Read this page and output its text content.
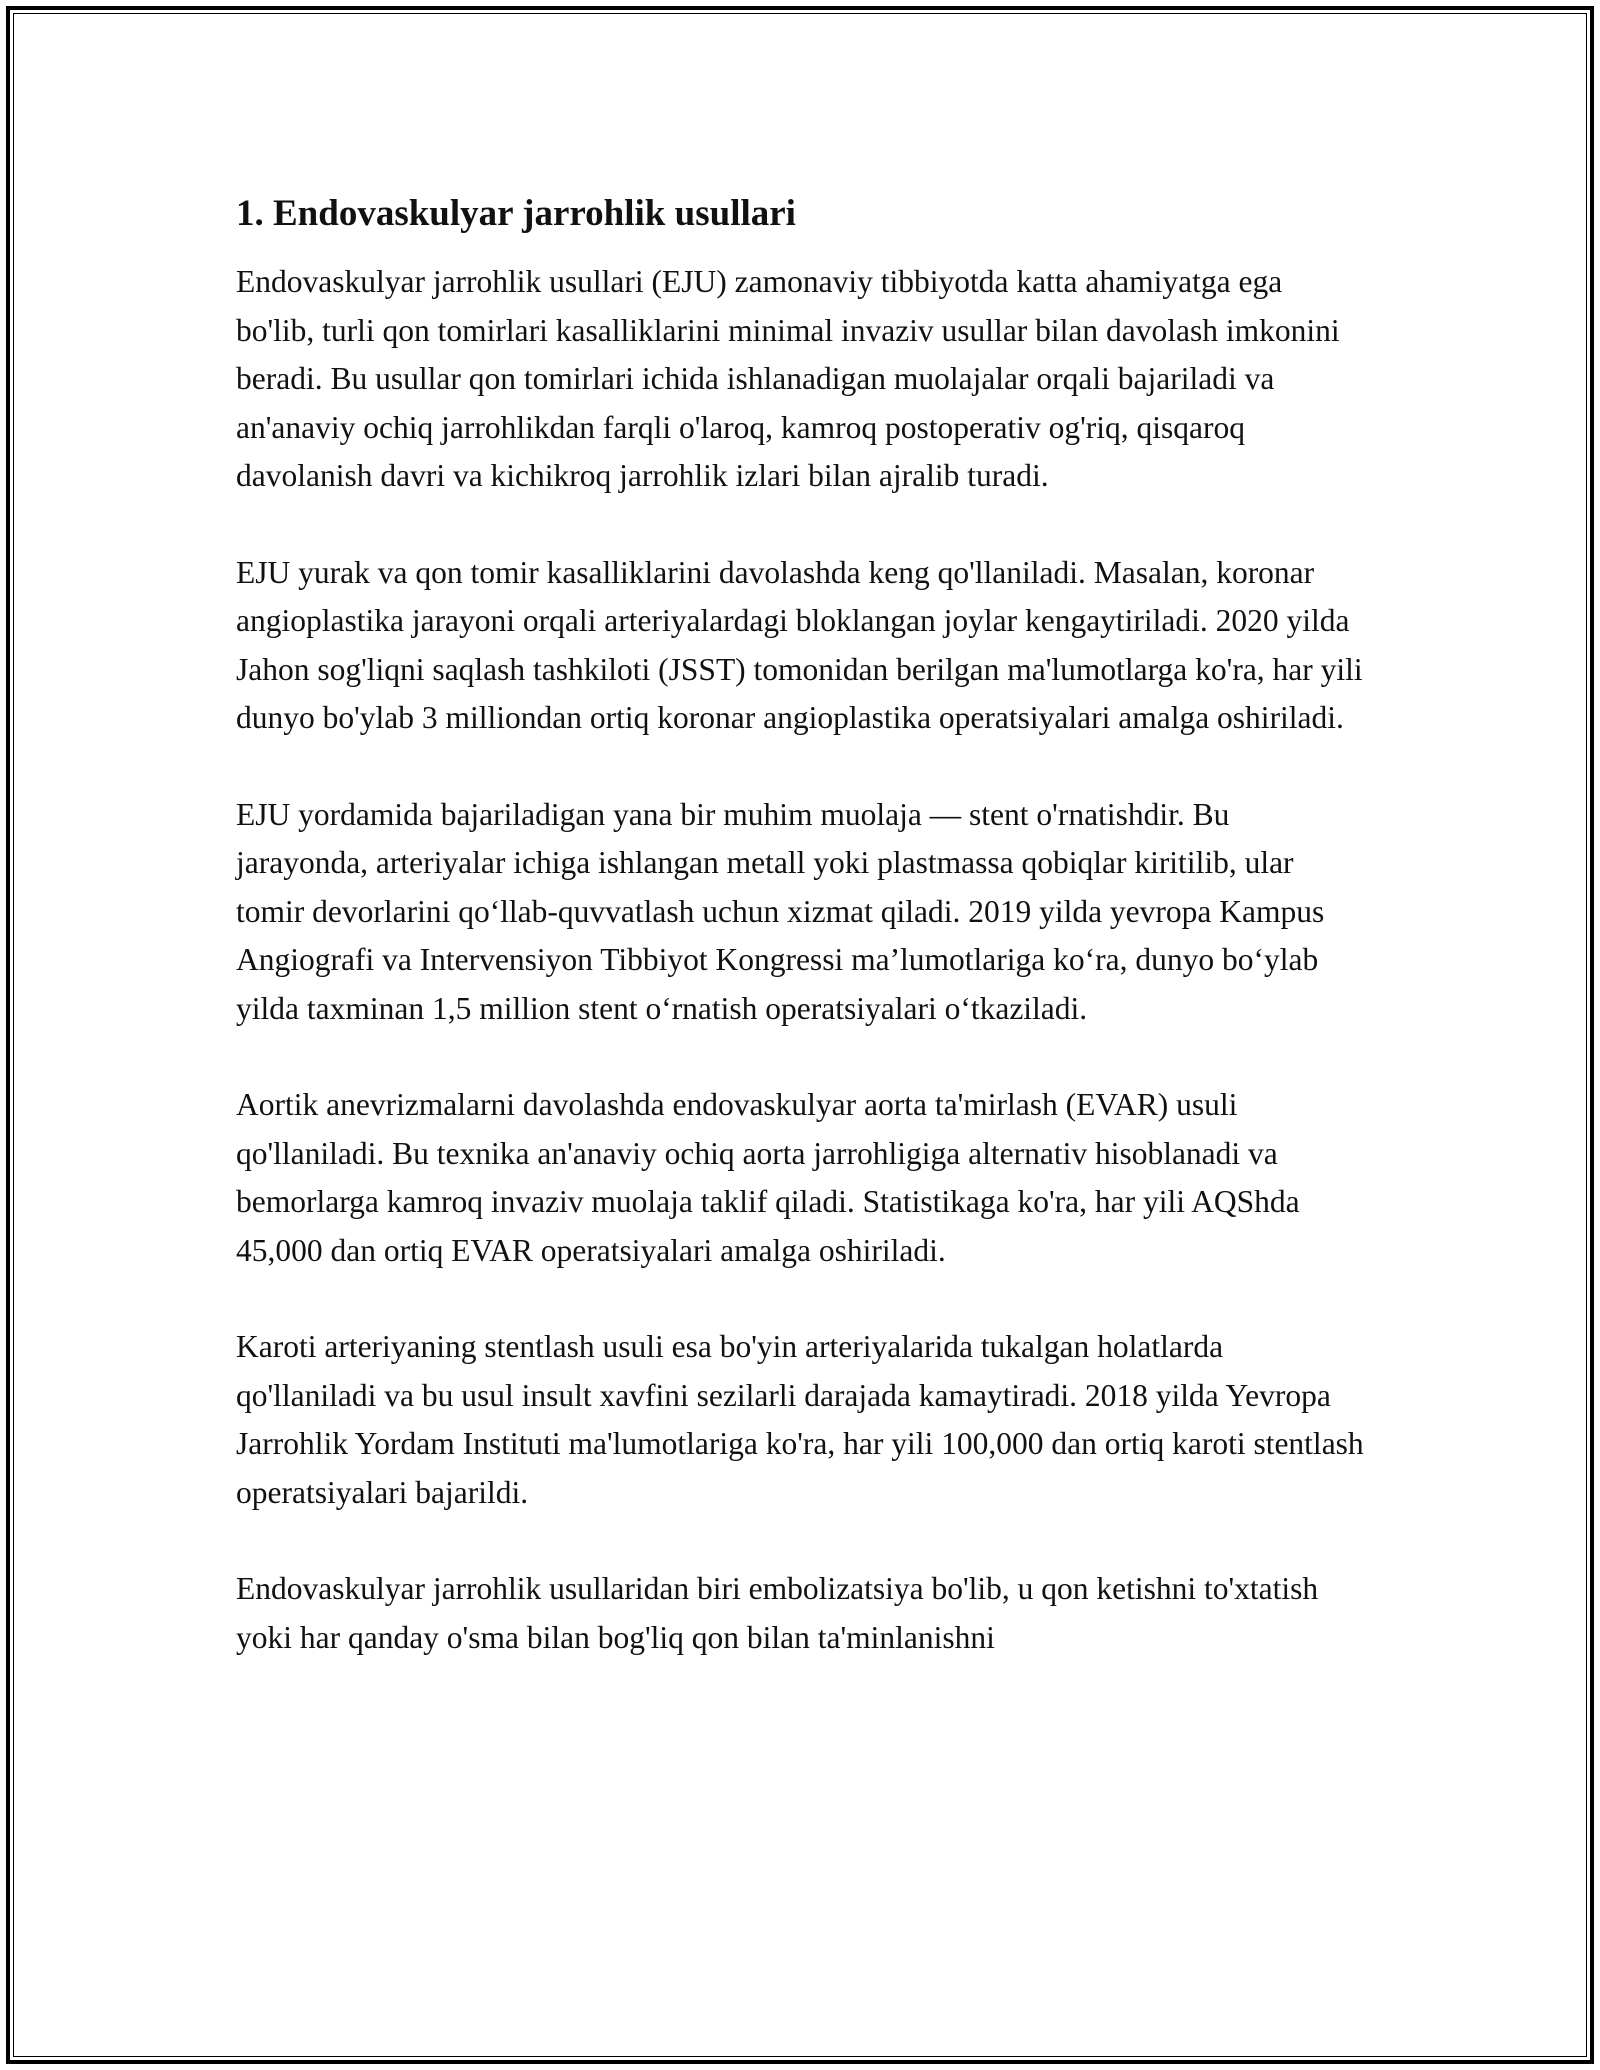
1. Endovaskulyar jarrohlik usullari

Endovaskulyar jarrohlik usullari (EJU) zamonaviy tibbiyotda katta ahamiyatga ega bo'lib, turli qon tomirlari kasalliklarini minimal invaziv usullar bilan davolash imkonini beradi. Bu usullar qon tomirlari ichida ishlanadigan muolajalar orqali bajariladi va an'anaviy ochiq jarrohlikdan farqli o'laroq, kamroq postoperativ og'riq, qisqaroq davolanish davri va kichikroq jarrohlik izlari bilan ajralib turadi.

EJU yurak va qon tomir kasalliklarini davolashda keng qo'llaniladi. Masalan, koronar angioplastika jarayoni orqali arteriyalardagi bloklangan joylar kengaytiriladi. 2020 yilda Jahon sog'liqni saqlash tashkiloti (JSST) tomonidan berilgan ma'lumotlarga ko'ra, har yili dunyo bo'ylab 3 milliondan ortiq koronar angioplastika operatsiyalari amalga oshiriladi.

EJU yordamida bajariladigan yana bir muhim muolaja — stent o'rnatishdir. Bu jarayonda, arteriyalar ichiga ishlangan metall yoki plastmassa qobiqlar kiritilib, ular tomir devorlarini qo‘llab-quvvatlash uchun xizmat qiladi. 2019 yilda yevropa Kampus Angiografi va Intervensiyon Tibbiyot Kongressi ma’lumotlariga ko‘ra, dunyo bo‘ylab yilda taxminan 1,5 million stent o‘rnatish operatsiyalari o‘tkaziladi.

Aortik anevrizmalarni davolashda endovaskulyar aorta ta'mirlash (EVAR) usuli qo'llaniladi. Bu texnika an'anaviy ochiq aorta jarrohligiga alternativ hisoblanadi va bemorlarga kamroq invaziv muolaja taklif qiladi. Statistikaga ko'ra, har yili AQShda 45,000 dan ortiq EVAR operatsiyalari amalga oshiriladi.

Karoti arteriyaning stentlash usuli esa bo'yin arteriyalarida tukalgan holatlarda qo'llaniladi va bu usul insult xavfini sezilarli darajada kamaytiradi. 2018 yilda Yevropa Jarrohlik Yordam Instituti ma'lumotlariga ko'ra, har yili 100,000 dan ortiq karoti stentlash operatsiyalari bajarildi.

Endovaskulyar jarrohlik usullaridan biri embolizatsiya bo'lib, u qon ketishni to'xtatish yoki har qanday o'sma bilan bog'liq qon bilan ta'minlanishni
